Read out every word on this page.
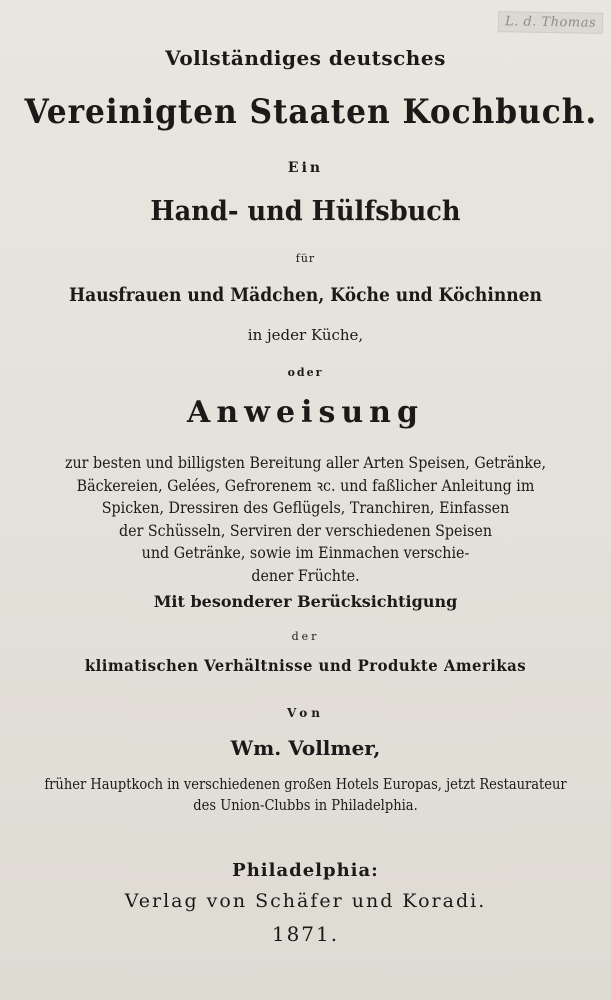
L. d. Thomas
Vollständiges deutsches
Vereinigten Staaten Kochbuch.
Ein
Hand- und Hülfsbuch
für
Hausfrauen und Mädchen, Köche und Köchinnen
in jeder Küche,
oder
Anweisung
zur besten und billigsten Bereitung aller Arten Speisen, Getränke,
Bäckereien, Gelées, Gefrorenem ꝛc. und faßlicher Anleitung im
Spicken, Dressiren des Geflügels, Tranchiren, Einfassen
der Schüsseln, Serviren der verschiedenen Speisen
und Getränke, sowie im Einmachen verschie-
dener Früchte.
Mit besonderer Berücksichtigung
der
klimatischen Verhältnisse und Produkte Amerikas
Von
Wm. Vollmer,
früher Hauptkoch in verschiedenen großen Hotels Europas, jetzt Restaurateur
des Union-Clubbs in Philadelphia.
Philadelphia:
Verlag von Schäfer und Koradi.
1871.
